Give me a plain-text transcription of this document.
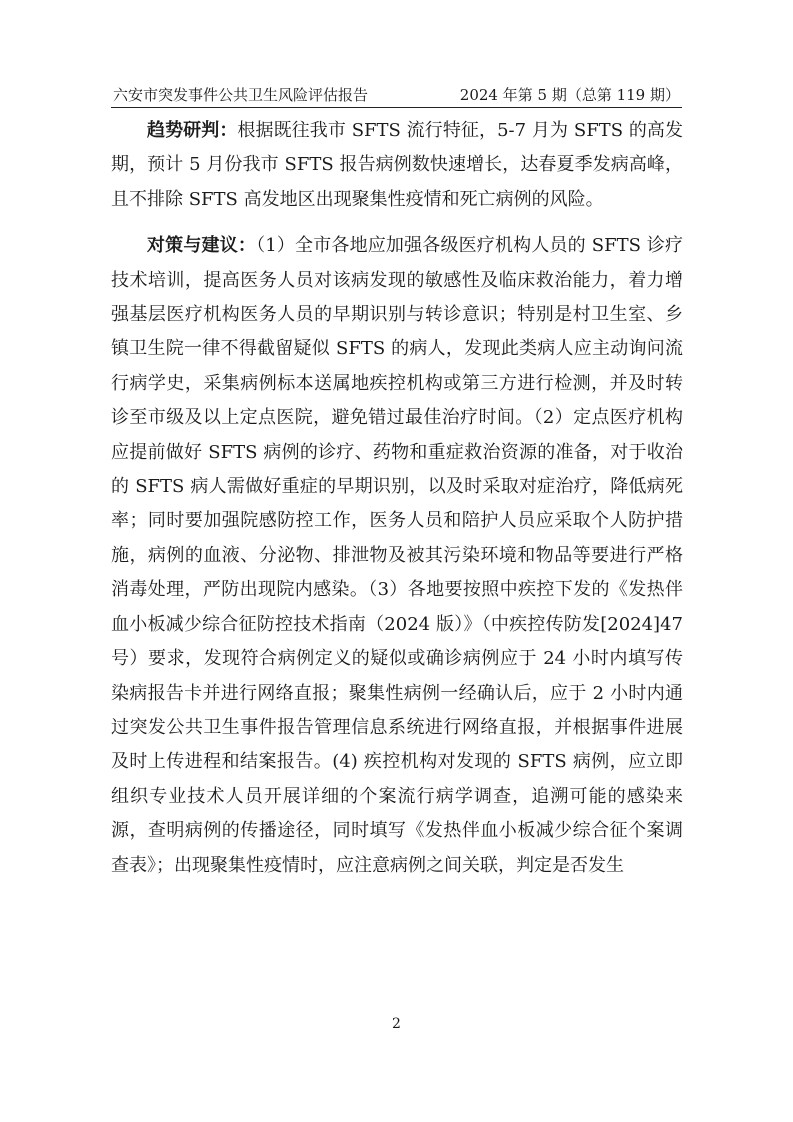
六安市突发事件公共卫生风险评估报告	2024 年第 5 期（总第 119 期）

趋势研判：根据既往我市 SFTS 流行特征，5-7 月为 SFTS 的高发期，预计 5 月份我市 SFTS 报告病例数快速增长，达春夏季发病高峰，且不排除 SFTS 高发地区出现聚集性疫情和死亡病例的风险。

对策与建议：（1）全市各地应加强各级医疗机构人员的 SFTS 诊疗技术培训，提高医务人员对该病发现的敏感性及临床救治能力，着力增强基层医疗机构医务人员的早期识别与转诊意识；特别是村卫生室、乡镇卫生院一律不得截留疑似 SFTS 的病人，发现此类病人应主动询问流行病学史，采集病例标本送属地疾控机构或第三方进行检测，并及时转诊至市级及以上定点医院，避免错过最佳治疗时间。（2）定点医疗机构应提前做好 SFTS 病例的诊疗、药物和重症救治资源的准备，对于收治的 SFTS 病人需做好重症的早期识别，以及时采取对症治疗，降低病死率；同时要加强院感防控工作，医务人员和陪护人员应采取个人防护措施，病例的血液、分泌物、排泄物及被其污染环境和物品等要进行严格消毒处理，严防出现院内感染。（3）各地要按照中疾控下发的《发热伴血小板减少综合征防控技术指南（2024 版）》（中疾控传防发[2024]47 号）要求，发现符合病例定义的疑似或确诊病例应于 24 小时内填写传染病报告卡并进行网络直报；聚集性病例一经确认后，应于 2 小时内通过突发公共卫生事件报告管理信息系统进行网络直报，并根据事件进展及时上传进程和结案报告。(4) 疾控机构对发现的 SFTS 病例，应立即组织专业技术人员开展详细的个案流行病学调查，追溯可能的感染来源，查明病例的传播途径，同时填写《发热伴血小板减少综合征个案调查表》；出现聚集性疫情时，应注意病例之间关联，判定是否发生

2
